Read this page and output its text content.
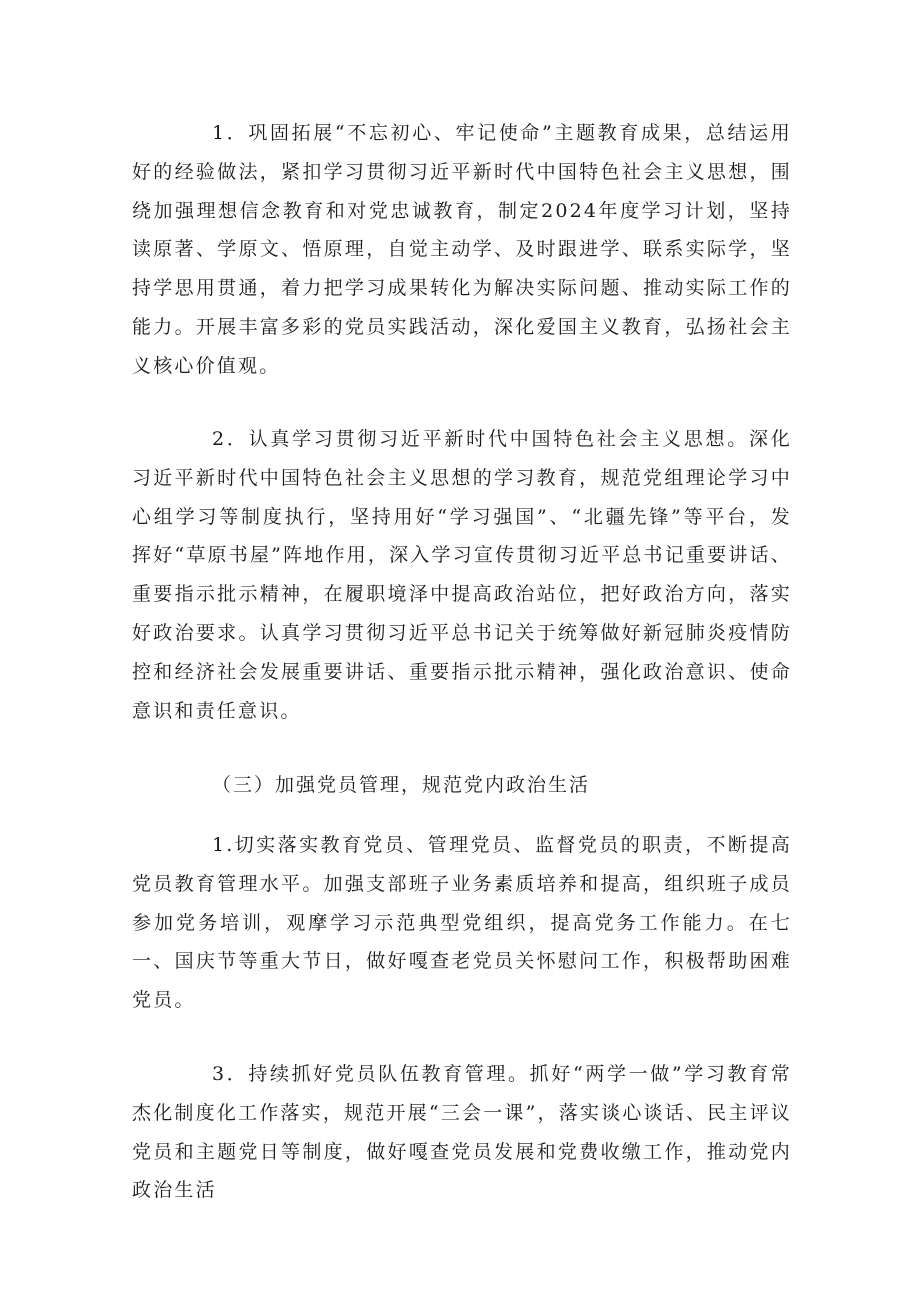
1．巩固拓展“不忘初心、牢记使命”主题教育成果，总结运用好的经验做法，紧扣学习贯彻习近平新时代中国特色社会主义思想，围绕加强理想信念教育和对党忠诚教育，制定2024年度学习计划，坚持读原著、学原文、悟原理，自觉主动学、及时跟进学、联系实际学，坚持学思用贯通，着力把学习成果转化为解决实际问题、推动实际工作的能力。开展丰富多彩的党员实践活动，深化爱国主义教育，弘扬社会主义核心价值观。

2．认真学习贯彻习近平新时代中国特色社会主义思想。深化习近平新时代中国特色社会主义思想的学习教育，规范党组理论学习中心组学习等制度执行，坚持用好“学习强国”、“北疆先锋”等平台，发挥好“草原书屋”阵地作用，深入学习宣传贯彻习近平总书记重要讲话、重要指示批示精神，在履职境泽中提高政治站位，把好政治方向，落实好政治要求。认真学习贯彻习近平总书记关于统筹做好新冠肺炎疫情防控和经济社会发展重要讲话、重要指示批示精神，强化政治意识、使命意识和责任意识。

（三）加强党员管理，规范党内政治生活

1.切实落实教育党员、管理党员、监督党员的职责，不断提高党员教育管理水平。加强支部班子业务素质培养和提高，组织班子成员参加党务培训，观摩学习示范典型党组织，提高党务工作能力。在七一、国庆节等重大节日，做好嘎查老党员关怀慰问工作，积极帮助困难党员。

3．持续抓好党员队伍教育管理。抓好“两学一做”学习教育常杰化制度化工作落实，规范开展“三会一课”，落实谈心谈话、民主评议党员和主题党日等制度，做好嘎查党员发展和党费收缴工作，推动党内政治生活
